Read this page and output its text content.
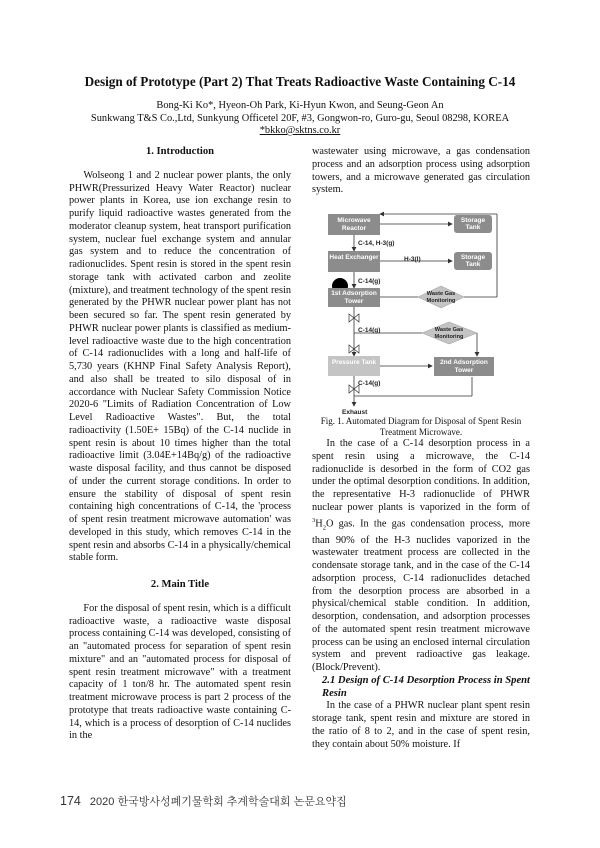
Design of Prototype (Part 2) That Treats Radioactive Waste Containing C-14
Bong-Ki Ko*, Hyeon-Oh Park, Ki-Hyun Kwon, and Seung-Geon An
Sunkwang T&S Co.,Ltd, Sunkyung Officetel 20F, #3, Gongwon-ro, Guro-gu, Seoul 08298, KOREA
*bkko@sktns.co.kr
1. Introduction

Wolseong 1 and 2 nuclear power plants, the only PHWR(Pressurized Heavy Water Reactor) nuclear power plants in Korea, use ion exchange resin to purify liquid radioactive wastes generated from the moderator cleanup system, heat transport purification system, nuclear fuel exchange system and annular gas system and to reduce the concentration of radionuclides. Spent resin is stored in the spent resin storage tank with activated carbon and zeolite (mixture), and treatment technology of the spent resin generated by the PHWR nuclear power plant has not been secured so far. The spent resin generated by PHWR nuclear power plants is classified as medium-level radioactive waste due to the high concentration of C-14 radionuclides with a long and half-life of 5,730 years (KHNP Final Safety Analysis Report), and also shall be treated to silo disposal of in accordance with Nuclear Safety Commission Notice 2020-6 "Limits of Radiation Concentration of Low Level Radioactive Wastes". But, the total radioactivity (1.50E+ 15Bq) of the C-14 nuclide in spent resin is about 10 times higher than the total radioactive limit (3.04E+14Bq/g) of the radioactive waste disposal facility, and thus cannot be disposed of under the current storage conditions. In order to ensure the stability of disposal of spent resin containing high concentrations of C-14, the 'process of spent resin treatment microwave automation' was developed in this study, which removes C-14 in the spent resin and absorbs C-14 in a physically/chemical stable form.

2. Main Title

For the disposal of spent resin, which is a difficult radioactive waste, a radioactive waste disposal process containing C-14 was developed, consisting of an "automated process for separation of spent resin mixture" and an "automated process for disposal of spent resin treatment microwave" with a treatment capacity of 1 ton/8 hr. The automated spent resin treatment microwave process is part 2 process of the prototype that treats radioactive waste containing C-14, which is a process of desorption of C-14 nuclides in the

wastewater using microwave, a gas condensation process and an adsorption process using adsorption towers, and a microwave generated gas circulation system.

Microwave Reactor
Storage Tank
C-14, H-3(g)
Heat Exchanger	H-3(l)	Storage Tank
C-14(g)
1st Adsorption Tower
Waste Gas Monitoring
C-14(g)	Waste Gas Monitoring
Pressure Tank	2nd Adsorption Tower
C-14(g)
Exhaust

Fig. 1. Automated Diagram for Disposal of Spent Resin Treatment Microwave.

In the case of a C-14 desorption process in a spent resin using a microwave, the C-14 radionuclide is desorbed in the form of CO2 gas under the optimal desorption conditions. In addition, the representative H-3 radionuclide of PHWR nuclear power plants is vaporized in the form of $^3H_2O$ gas. In the gas condensation process, more than 90% of the H-3 nuclides vaporized in the wastewater treatment process are collected in the condensate storage tank, and in the case of the C-14 adsorption process, C-14 radionuclides detached from the desorption process are absorbed in a physical/chemical stable condition. In addition, desorption, condensation, and adsorption processes of the automated spent resin treatment microwave process can be using an enclosed internal circulation system and prevent radioactive gas leakage. (Block/Prevent).

2.1 Design of C-14 Desorption Process in Spent Resin

In the case of a PHWR nuclear plant spent resin storage tank, spent resin and mixture are stored in the ratio of 8 to 2, and in the case of spent resin, they contain about 50% moisture. If

174 2020 한국방사성폐기물학회 추계학술대회 논문요약집
